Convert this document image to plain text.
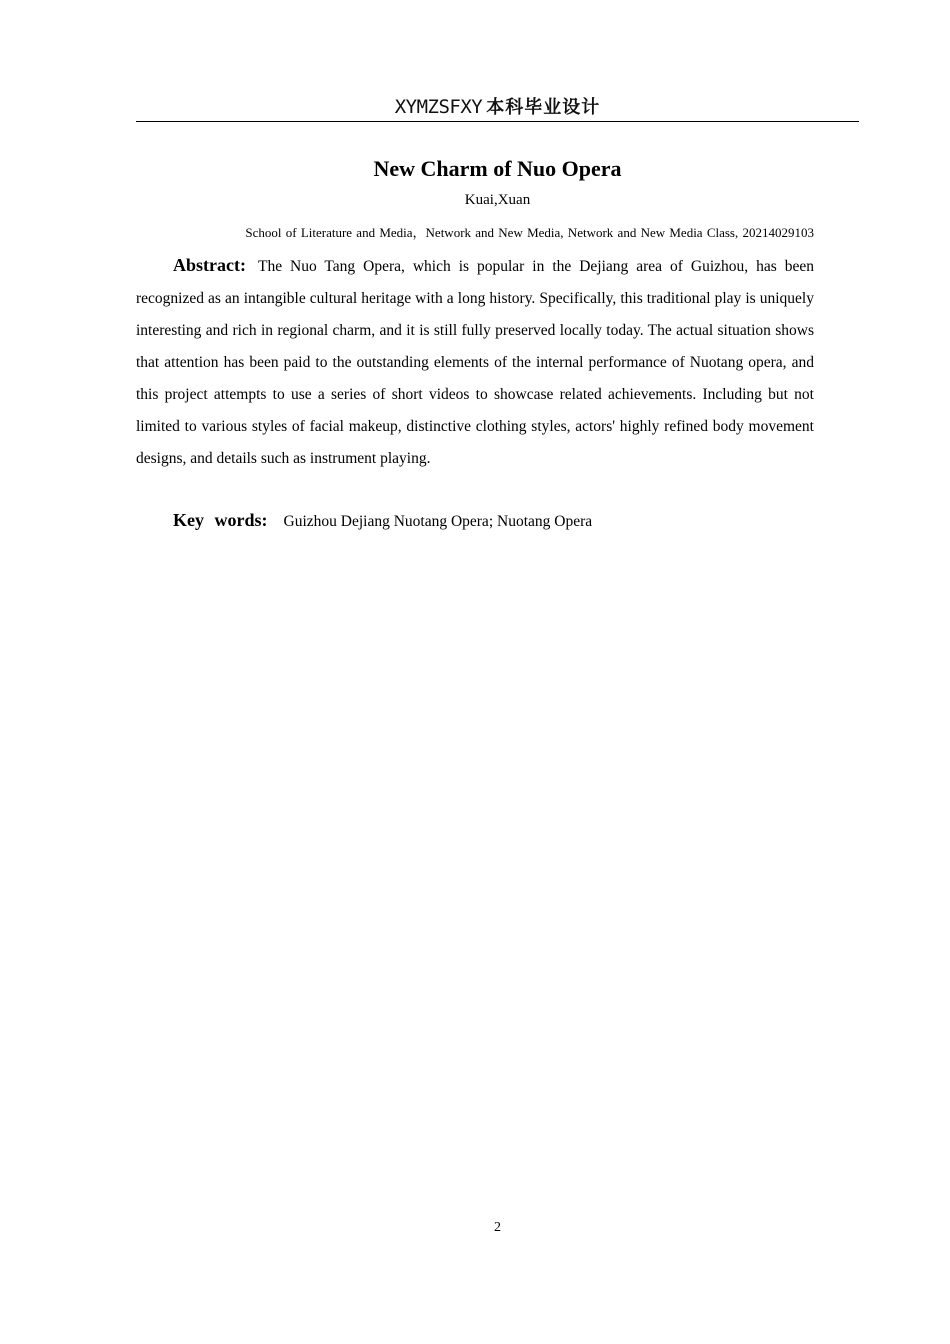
XYMZSFXY 本科毕业设计
New Charm of Nuo Opera
Kuai,Xuan
School of Literature and Media，Network and New Media, Network and New Media Class, 20214029103

Abstract: The Nuo Tang Opera, which is popular in the Dejiang area of Guizhou, has been recognized as an intangible cultural heritage with a long history. Specifically, this traditional play is uniquely interesting and rich in regional charm, and it is still fully preserved locally today. The actual situation shows that attention has been paid to the outstanding elements of the internal performance of Nuotang opera, and this project attempts to use a series of short videos to showcase related achievements. Including but not limited to various styles of facial makeup, distinctive clothing styles, actors' highly refined body movement designs, and details such as instrument playing.

Key words: Guizhou Dejiang Nuotang Opera; Nuotang Opera

2
